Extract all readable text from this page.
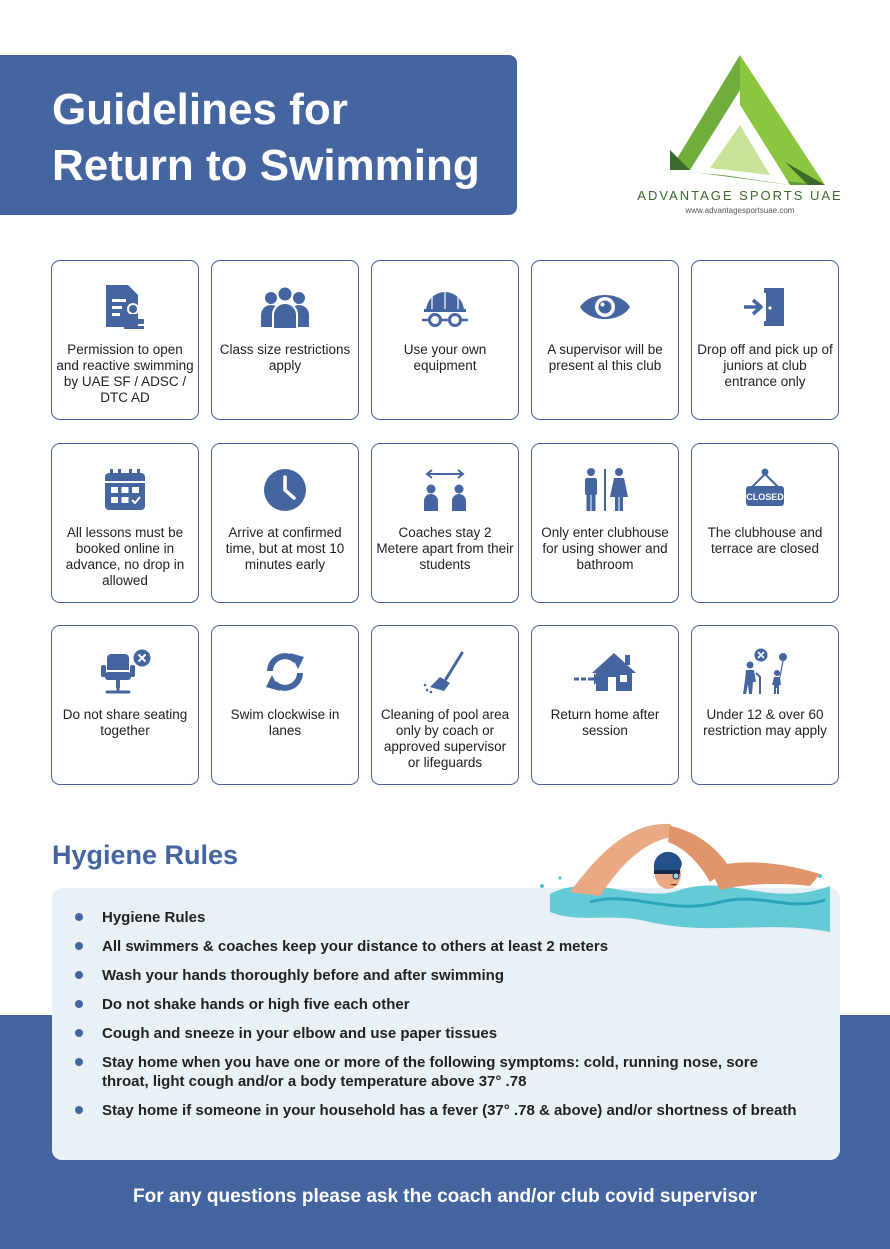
Guidelines for
Return to Swimming
ADVANTAGE SPORTS UAE
www.advantagesportsuae.com
Permission to open and reactive swimming by UAE SF / ADSC / DTC AD
Class size restrictions apply
Use your own equipment
A supervisor will be present al this club
Drop off and pick up of juniors at club entrance only
All lessons must be booked online in advance, no drop in allowed
Arrive at confirmed time, but at most 10 minutes early
Coaches stay 2 Metere apart from their students
Only enter clubhouse for using shower and bathroom
CLOSED
The clubhouse and terrace are closed
Do not share seating together
Swim clockwise in lanes
Cleaning of pool area only by coach or approved supervisor or lifeguards
Return home after session
Under 12 & over 60 restriction may apply
Hygiene Rules
Hygiene Rules
All swimmers & coaches keep your distance to others at least 2 meters
Wash your hands thoroughly before and after swimming
Do not shake hands or high five each other
Cough and sneeze in your elbow and use paper tissues
Stay home when you have one or more of the following symptoms: cold, running nose, sore throat, light cough and/or a body temperature above 37° .78
Stay home if someone in your household has a fever (37° .78 & above) and/or shortness of breath
For any questions please ask the coach and/or club covid supervisor
